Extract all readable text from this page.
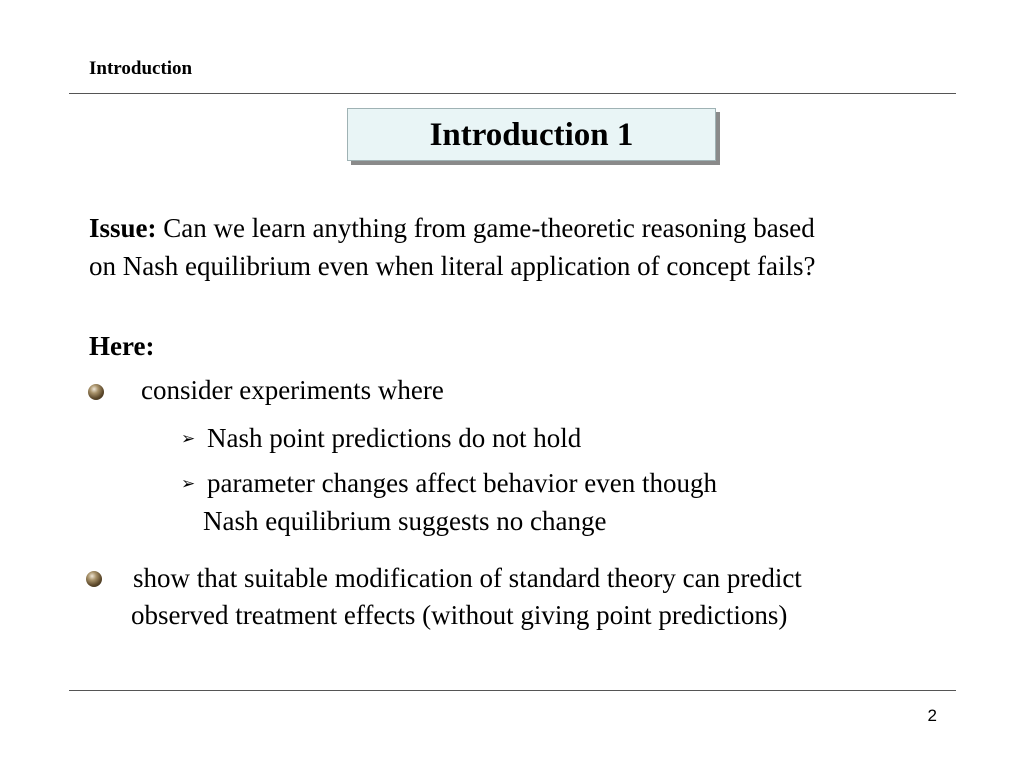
Introduction
Introduction 1
Issue: Can we learn anything from game-theoretic reasoning based
on Nash equilibrium even when literal application of concept fails?
Here:
consider experiments where
➢ Nash point predictions do not hold
➢ parameter changes affect behavior even though
Nash equilibrium suggests no change
show that suitable modification of standard theory can predict
observed treatment effects (without giving point predictions)
2
